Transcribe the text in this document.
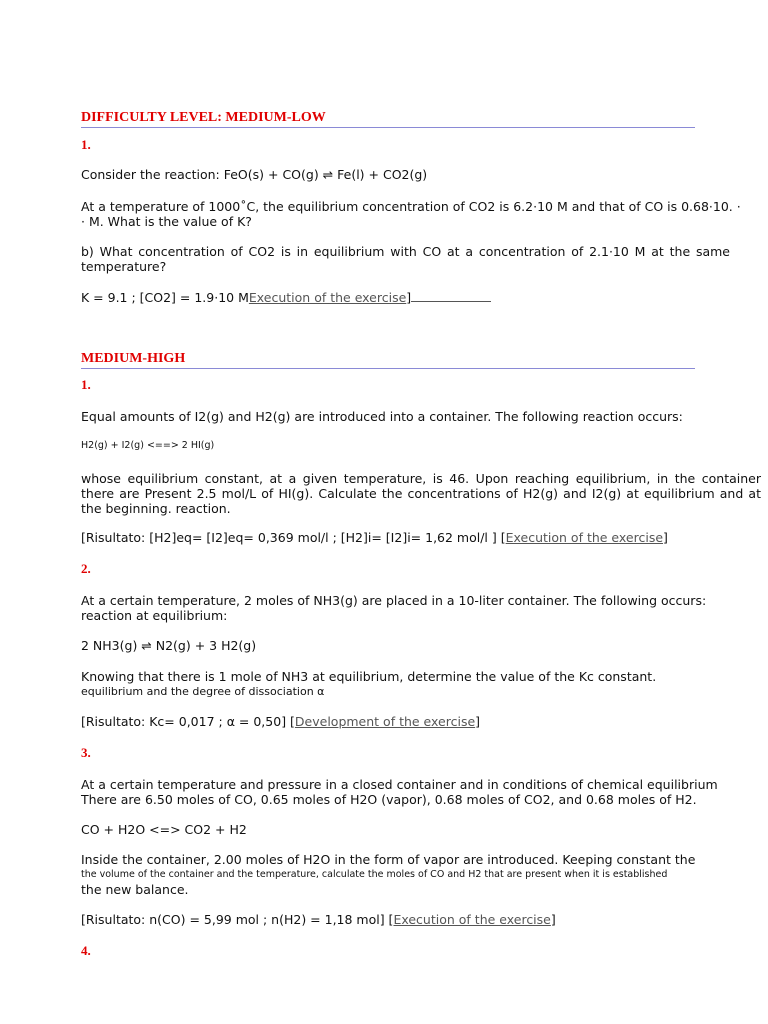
DIFFICULTY LEVEL: MEDIUM-LOW
1.
Consider the reaction: FeO(s) + CO(g) ⇌ Fe(l) + CO2(g)
At a temperature of 1000˚C, the equilibrium concentration of CO2 is 6.2·10 M and that of CO is 0.68·10. ·
· M. What is the value of K?
b) What concentration of CO2 is in equilibrium with CO at a concentration of 2.1·10 M at the same temperature?
K = 9.1 ; [CO2] = 1.9·10 MExecution of the exercise]
MEDIUM-HIGH
1.
Equal amounts of I2(g) and H2(g) are introduced into a container. The following reaction occurs:
H2(g) + I2(g) <==> 2 HI(g)
whose equilibrium constant, at a given temperature, is 46. Upon reaching equilibrium, in the container there are Present 2.5 mol/L of HI(g). Calculate the concentrations of H2(g) and I2(g) at equilibrium and at the beginning. reaction.
[Risultato: [H2]eq= [I2]eq= 0,369 mol/l ; [H2]i= [I2]i= 1,62 mol/l ] [Execution of the exercise]
2.
At a certain temperature, 2 moles of NH3(g) are placed in a 10-liter container. The following occurs:
reaction at equilibrium:
2 NH3(g) ⇌ N2(g) + 3 H2(g)
Knowing that there is 1 mole of NH3 at equilibrium, determine the value of the Kc constant.
equilibrium and the degree of dissociation α
[Risultato: Kc= 0,017 ; α = 0,50] [Development of the exercise]
3.
At a certain temperature and pressure in a closed container and in conditions of chemical equilibrium
There are 6.50 moles of CO, 0.65 moles of H2O (vapor), 0.68 moles of CO2, and 0.68 moles of H2.
CO + H2O <=> CO2 + H2
Inside the container, 2.00 moles of H2O in the form of vapor are introduced. Keeping constant the
the volume of the container and the temperature, calculate the moles of CO and H2 that are present when it is established
the new balance.
[Risultato: n(CO) = 5,99 mol ; n(H2) = 1,18 mol] [Execution of the exercise]
4.
